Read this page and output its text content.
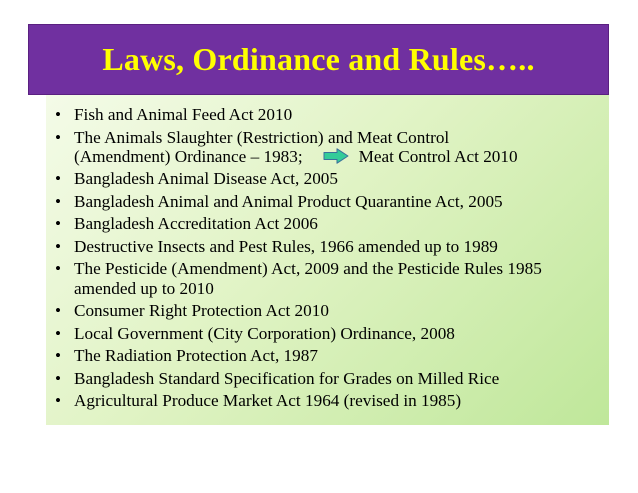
Laws, Ordinance and Rules…..
• Fish and Animal Feed Act 2010
• The Animals Slaughter (Restriction) and Meat Control
(Amendment) Ordinance – 1983;	Meat Control Act 2010
• Bangladesh Animal Disease Act, 2005
• Bangladesh Animal and Animal Product Quarantine Act, 2005
• Bangladesh Accreditation Act 2006
• Destructive Insects and Pest Rules, 1966 amended up to 1989
• The Pesticide (Amendment) Act, 2009 and the Pesticide Rules 1985
amended up to 2010
• Consumer Right Protection Act 2010
• Local Government (City Corporation) Ordinance, 2008
• The Radiation Protection Act, 1987
• Bangladesh Standard Specification for Grades on Milled Rice
• Agricultural Produce Market Act 1964 (revised in 1985)
